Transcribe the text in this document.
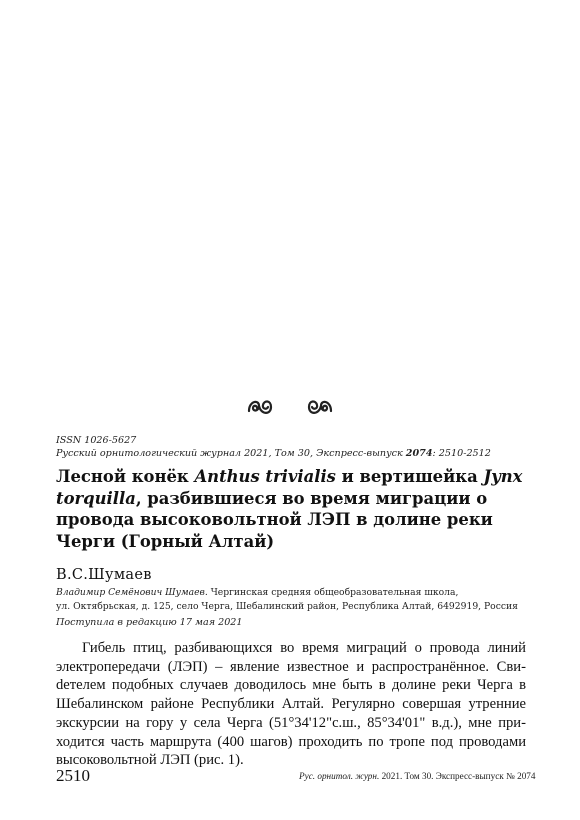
ISSN 1026-5627
Русский орнитологический журнал 2021, Том 30, Экспресс-выпуск 2074: 2510-2512
Лесной конёк Anthus trivialis и вертишейка Jynx torquilla, разбившиеся во время миграции о провода высоковольтной ЛЭП в долине реки Черги (Горный Алтай)
В.С.Шумаев
Владимир Семёнович Шумаев. Чергинская средняя общеобразовательная школа,
ул. Октябрьская, д. 125, село Черга, Шебалинский район, Республика Алтай, 6492919, Россия
Поступила в редакцию 17 мая 2021

Гибель птиц, разбивающихся во время миграций о провода линий электропередачи (ЛЭП) – явление известное и распространённое. Свиdетелем подобных случаев доводилось мне быть в долине реки Черга в Шебалинском районе Республики Алтай. Регулярно совершая утренние экскурсии на гору у села Черга (51°34'12"с.ш., 85°34'01" в.д.), мне приходится часть маршрута (400 шагов) проходить по тропе под проводами высоковольтной ЛЭП (рис. 1).

2510	Рус. орнитол. журн. 2021. Том 30. Экспресс-выпуск № 2074
